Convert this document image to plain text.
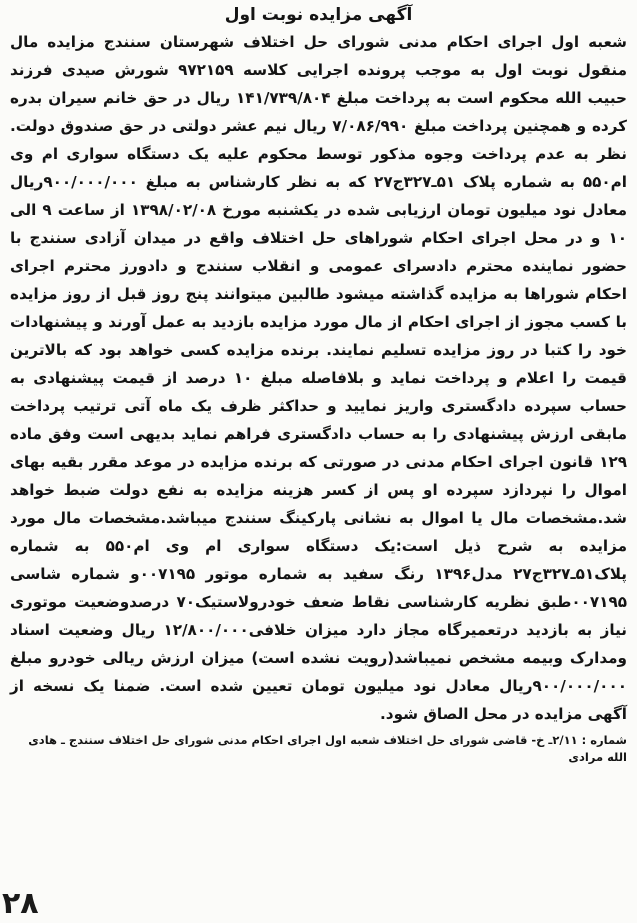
آگهی مزایده نوبت اول

شعبه اول اجرای احکام مدنی شورای حل اختلاف شهرستان سنندج مزایده مال منقول نوبت اول به موجب پرونده اجرایی کلاسه ۹۷۲۱۵۹ شورش صیدی فرزند حبیب الله محکوم است به پرداخت مبلغ ۱۴۱/۷۳۹/۸۰۴ ریال در حق خانم سیران بدره کرده و همچنین پرداخت مبلغ ۷/۰۸۶/۹۹۰ ریال نیم عشر دولتی در حق صندوق دولت. نظر به عدم پرداخت وجوه مذکور توسط محکوم علیه یک دستگاه سواری ام وی ام۵۵۰ به شماره پلاک ۵۱ـ۳۲۷ج۲۷ که به نظر کارشناس به مبلغ ۹۰۰/۰۰۰/۰۰۰ریال معادل نود میلیون تومان ارزیابی شده در یکشنبه مورخ ۱۳۹۸/۰۲/۰۸ از ساعت ۹ الی ۱۰ و در محل اجرای احکام شوراهای حل اختلاف واقع در میدان آزادی سنندج با حضور نماینده محترم دادسرای عمومی و انقلاب سنندج و دادورز محترم اجرای احکام شوراها به مزایده گذاشته میشود طالبین میتوانند پنج روز قبل از روز مزایده با کسب مجوز از اجرای احکام از مال مورد مزایده بازدید به عمل آورند و پیشنهادات خود را کتبا در روز مزایده تسلیم نمایند. برنده مزایده کسی خواهد بود که بالاترین قیمت را اعلام و پرداخت نماید و بلافاصله مبلغ ۱۰ درصد از قیمت پیشنهادی به حساب سپرده دادگستری واریز نمایید و حداکثر ظرف یک ماه آتی ترتیب پرداخت مابقی ارزش پیشنهادی را به حساب دادگستری فراهم نماید بدیهی است وفق ماده ۱۲۹ قانون اجرای احکام مدنی در صورتی که برنده مزایده در موعد مقرر بقیه بهای اموال را نپردازد سپرده او پس از کسر هزینه مزایده به نفع دولت ضبط خواهد شد.مشخصات مال یا اموال به نشانی پارکینگ سنندج میباشد.مشخصات مال مورد مزایده به شرح ذیل است:یک دستگاه سواری ام وی ام۵۵۰ به شماره پلاک۵۱ـ۳۲۷ج۲۷ مدل۱۳۹۶ رنگ سفید به شماره موتور ۰۰۷۱۹۵و شماره شاسی ۰۰۷۱۹۵طبق نظریه کارشناسی نقاط ضعف خودرولاستیک۷۰ درصدوضعیت موتوری نیاز به بازدید درتعمیرگاه مجاز دارد میزان خلافی۱۲/۸۰۰/۰۰۰ ریال وضعیت اسناد ومدارک وبیمه مشخص نمیباشد(رویت نشده است) میزان ارزش ریالی خودرو مبلغ ۹۰۰/۰۰۰/۰۰۰ریال معادل نود میلیون تومان تعیین شده است. ضمنا یک نسخه از آگهی مزایده در محل الصاق شود.

شماره : ۲/۱۱ـ خ- قاضی شورای حل اختلاف شعبه اول اجرای احکام مدنی شورای حل اختلاف سنندج ـ هادی الله مرادی
۲۸
